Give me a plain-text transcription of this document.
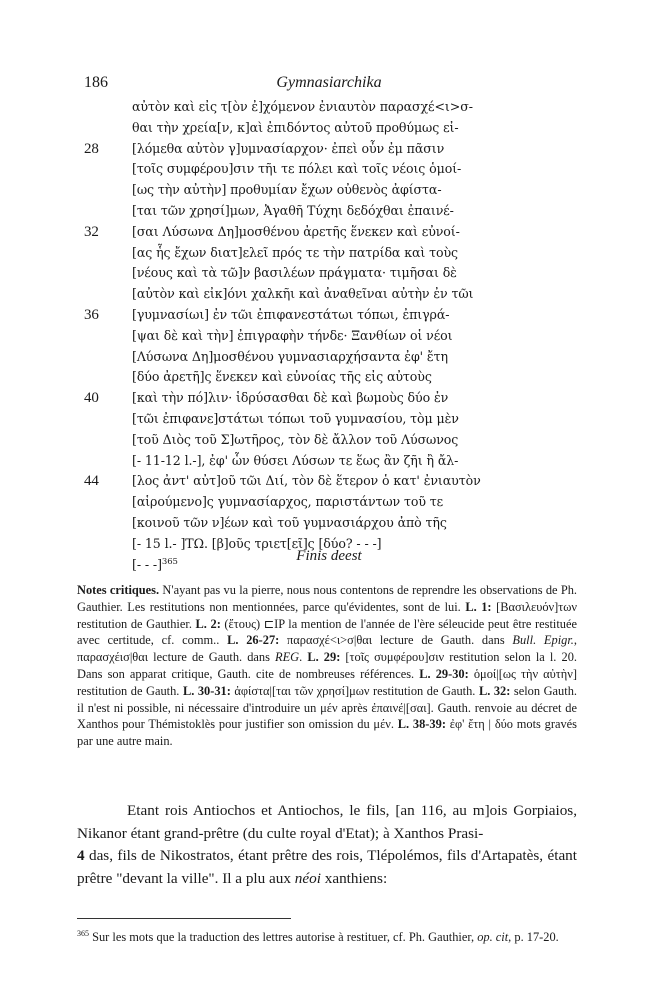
186	Gymnasiarchika
αὐτὸν καὶ εἰς τ[ὸν ἐ]χόμενον ἐνιαυτὸν παρασχέ<ι>σ-
θαι τὴν χρεία[ν, κ]αὶ ἐπιδόντος αὐτοῦ προθύμως εἰ-
28	[λόμεθα αὐτὸν γ]υμνασίαρχον· ἐπεὶ οὖν ἐμ πᾶσιν
[τοῖς συμφέρου]σιν τῆι τε πόλει καὶ τοῖς νέοις ὁμοί-
[ως τὴν αὐτὴν] προθυμίαν ἔχων οὐθενὸς ἀφίστα-
[ται τῶν χρησί]μων, Ἀγαθῆ Τύχηι δεδόχθαι ἐπαινέ-
32	[σαι Λύσωνα Δη]μοσθένου ἀρετῆς ἕνεκεν καὶ εὐνοί-
[ας ἧς ἔχων διατ]ελεῖ πρός τε τὴν πατρίδα καὶ τοὺς
[νέους καὶ τὰ τῶ]ν βασιλέων πράγματα· τιμῆσαι δὲ
[αὐτὸν καὶ εἰκ]όνι χαλκῆι καὶ ἀναθεῖναι αὐτὴν ἐν τῶι
36	[γυμνασίωι] ἐν τῶι ἐπιφανεστάτωι τόπωι, ἐπιγρά-
[ψαι δὲ καὶ τὴν] ἐπιγραφὴν τήνδε· Ξανθίων οἱ νέοι
[Λύσωνα Δη]μοσθένου γυμνασιαρχήσαντα ἐφ' ἔτη
[δύο ἀρετῆ]ς ἕνεκεν καὶ εὐνοίας τῆς εἰς αὐτοὺς
40	[καὶ τὴν πό]λιν· ἱδρύσασθαι δὲ καὶ βωμοὺς δύο ἐν
[τῶι ἐπιφανε]στάτωι τόπωι τοῦ γυμνασίου, τὸμ μὲν
[τοῦ Διὸς τοῦ Σ]ωτῆρος, τὸν δὲ ἄλλον τοῦ Λύσωνος
[- 11-12 l.-], ἐφ' ὧν θύσει Λύσων τε ἕως ἂν ζῆι ἢ ἄλ-
44	[λος ἀντ' αὐτ]οῦ τῶι Διί, τὸν δὲ ἕτερον ὁ κατ' ἐνιαυτὸν
[αἱρούμενο]ς γυμνασίαρχος, παριστάντων τοῦ τε
[κοινοῦ τῶν ν]έων καὶ τοῦ γυμνασιάρχου ἀπὸ τῆς
[- 15 l.- ]ΤΩ. [β]οῦς τριετ[εῖ]ς [δύο? - - -]
[- - -]$^{365}$	Finis deest
Notes critiques. N'ayant pas vu la pierre, nous nous contentons de reprendre les observations de Ph. Gauthier. Les restitutions non mentionnées, parce qu'évidentes, sont de lui. L. 1: [Βασιλευόν]των restitution de Gauthier. L. 2: (ἔτους) ⊏IP la mention de l'année de l'ère séleucide peut être restituée avec certitude, cf. comm.. L. 26-27: παρασχέ<ι>σ|θαι lecture de Gauth. dans Bull. Epigr., παρασχέισ|θαι lecture de Gauth. dans REG. L. 29: [τοῖς συμφέρου]σιν restitution selon la l. 20. Dans son apparat critique, Gauth. cite de nombreuses références. L. 29-30: ὁμοί|[ως τὴν αὐτὴν] restitution de Gauth. L. 30-31: ἀφίστα|[ται τῶν χρησί]μων restitution de Gauth. L. 32: selon Gauth. il n'est ni possible, ni nécessaire d'introduire un μέν après ἐπαινέ|[σαι]. Gauth. renvoie au décret de Xanthos pour Thémistoklès pour justifier son omission du μέν. L. 38-39: ἐφ' ἔτη | δύο mots gravés par une autre main.

Etant rois Antiochos et Antiochos, le fils, [an 116, au m]ois Gorpiaios, Nikanor étant grand-prêtre (du culte royal d'Etat); à Xanthos Prasi-

4 das, fils de Nikostratos, étant prêtre des rois, Tlépolémos, fils d'Artapatès, étant prêtre "devant la ville". Il a plu aux néoi xanthiens:

$^{365}$ Sur les mots que la traduction des lettres autorise à restituer, cf. Ph. Gauthier, op. cit, p. 17-20.
